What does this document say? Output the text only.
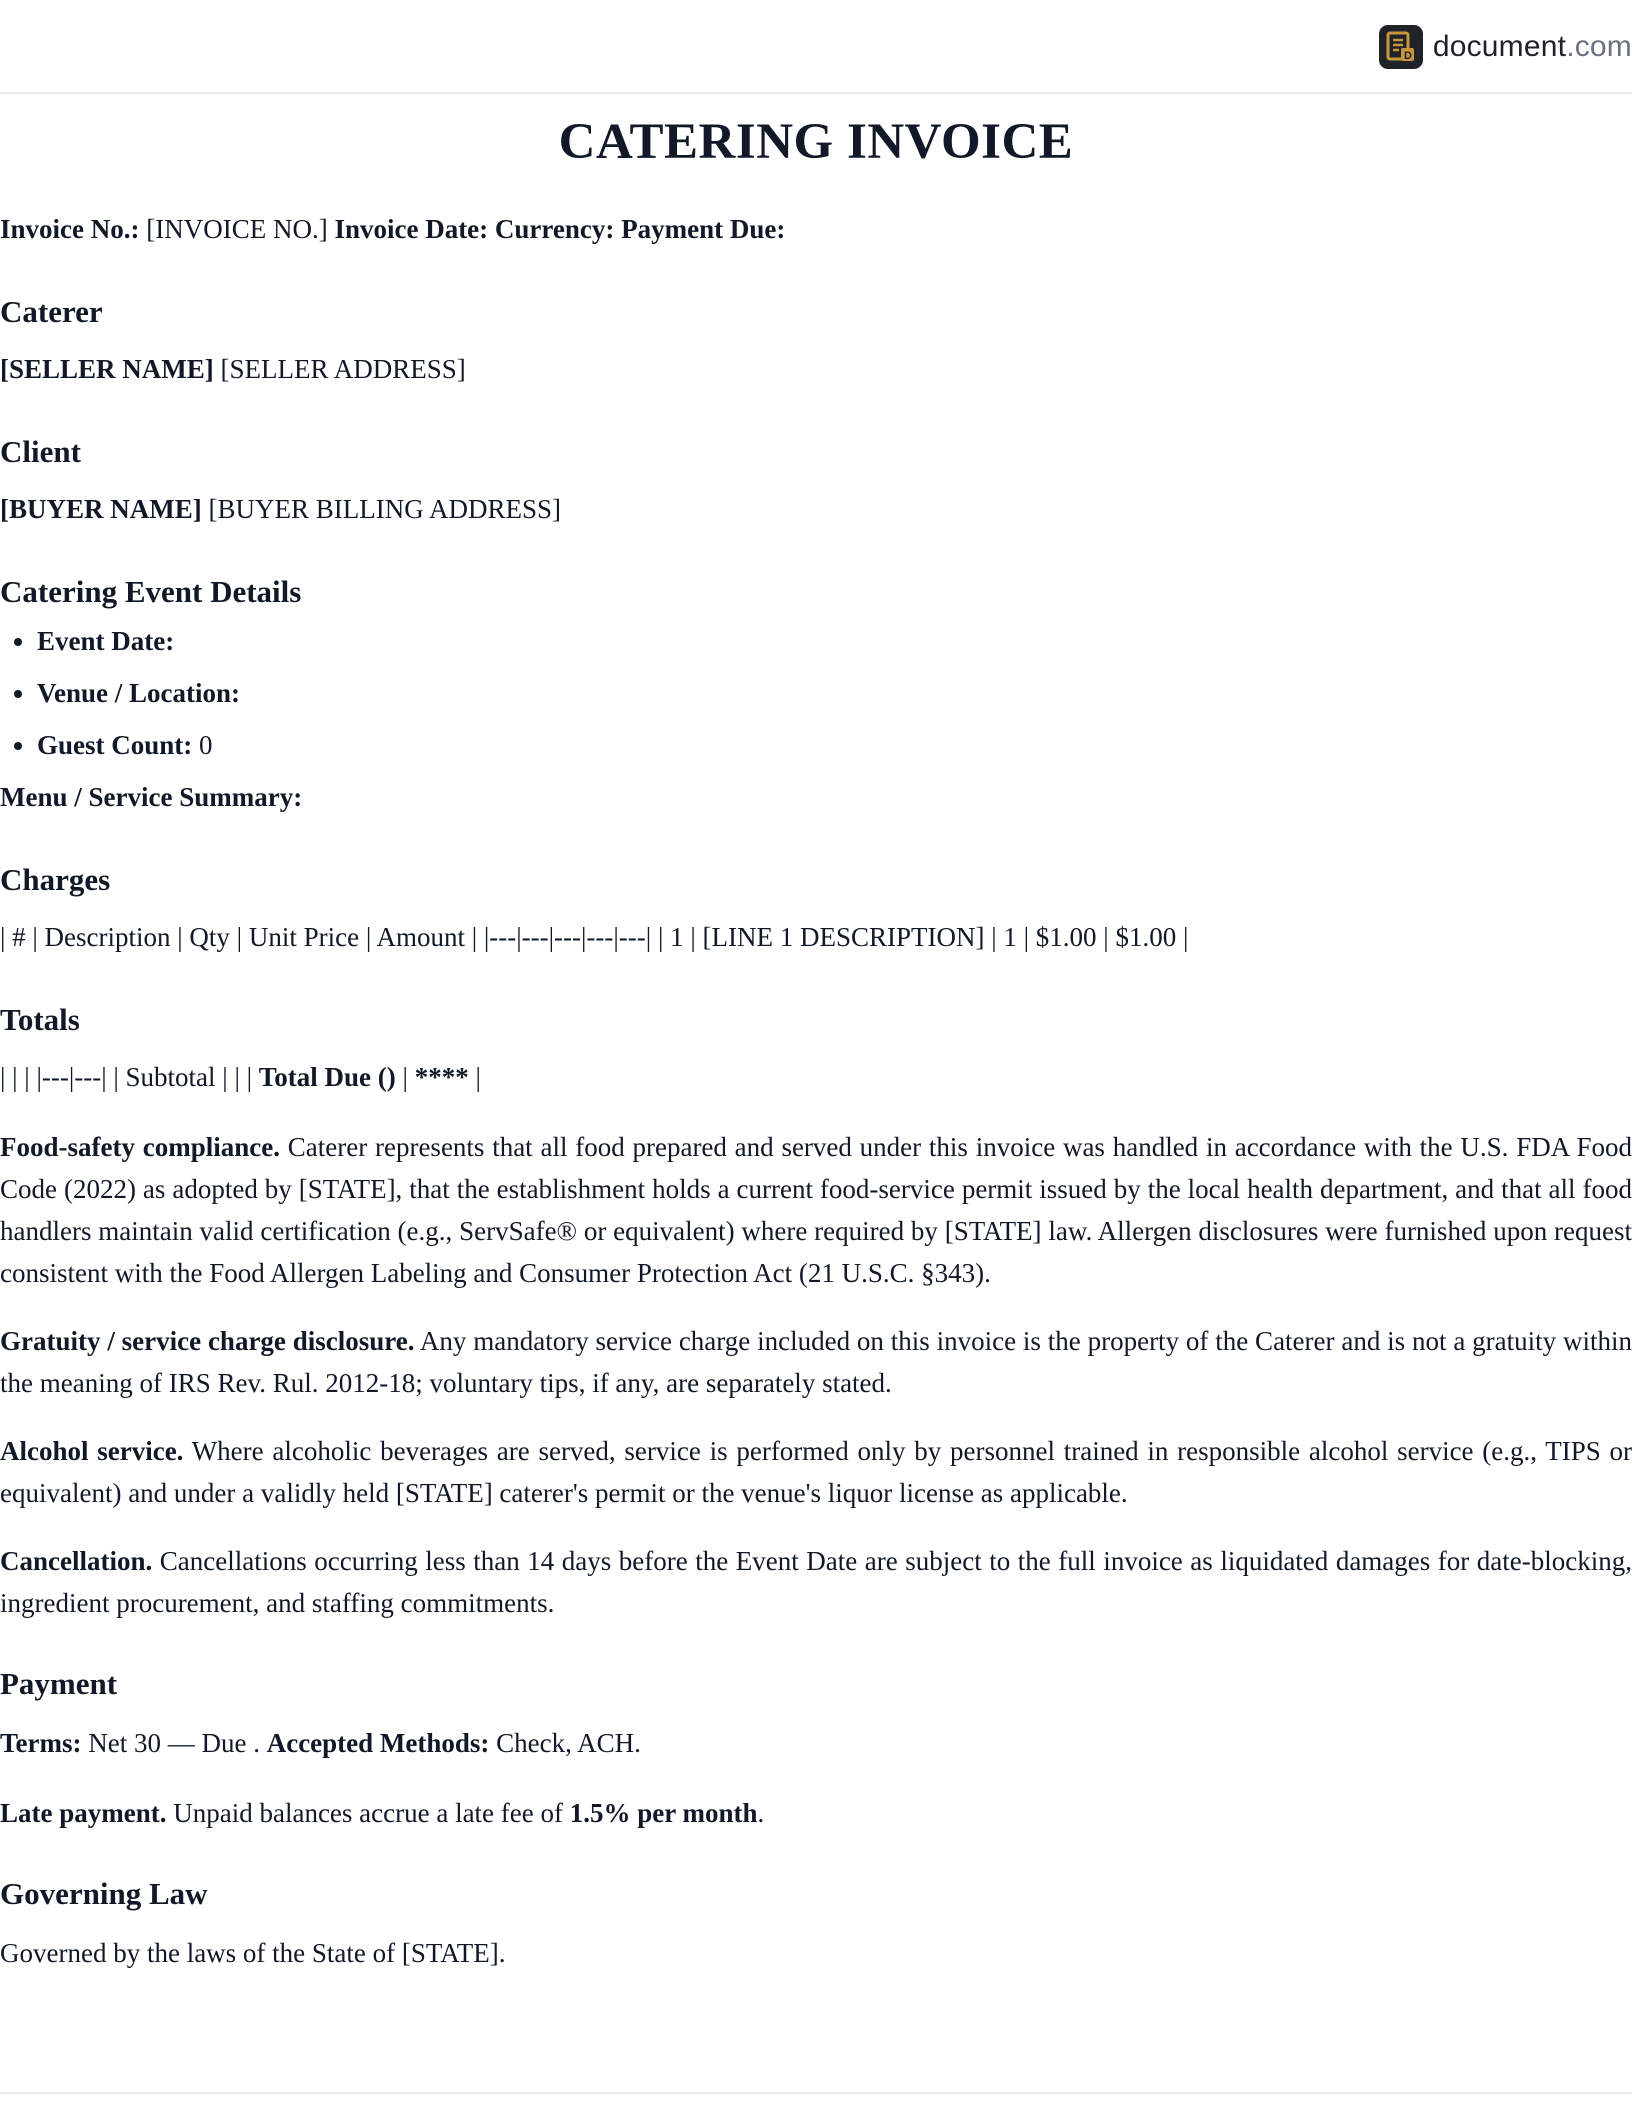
D document.com
CATERING INVOICE

Invoice No.: [INVOICE NO.] Invoice Date: Currency: Payment Due:

Caterer

[SELLER NAME] [SELLER ADDRESS]

Client

[BUYER NAME] [BUYER BILLING ADDRESS]

Catering Event Details
• Event Date:
• Venue / Location:
• Guest Count: 0

Menu / Service Summary:

Charges

| # | Description | Qty | Unit Price | Amount | |---|---|---|---|---| | 1 | [LINE 1 DESCRIPTION] | 1 | $1.00 | $1.00 |

Totals

| | | |---|---| | Subtotal | | | Total Due () | **** |

Food-safety compliance. Caterer represents that all food prepared and served under this invoice was handled in accordance with the U.S. FDA Food Code (2022) as adopted by [STATE], that the establishment holds a current food-service permit issued by the local health department, and that all food handlers maintain valid certification (e.g., ServSafe® or equivalent) where required by [STATE] law. Allergen disclosures were furnished upon request consistent with the Food Allergen Labeling and Consumer Protection Act (21 U.S.C. §343).

Gratuity / service charge disclosure. Any mandatory service charge included on this invoice is the property of the Caterer and is not a gratuity within the meaning of IRS Rev. Rul. 2012-18; voluntary tips, if any, are separately stated.

Alcohol service. Where alcoholic beverages are served, service is performed only by personnel trained in responsible alcohol service (e.g., TIPS or equivalent) and under a validly held [STATE] caterer's permit or the venue's liquor license as applicable.

Cancellation. Cancellations occurring less than 14 days before the Event Date are subject to the full invoice as liquidated damages for date-blocking, ingredient procurement, and staffing commitments.

Payment

Terms: Net 30 — Due . Accepted Methods: Check, ACH.

Late payment. Unpaid balances accrue a late fee of 1.5% per month.

Governing Law

Governed by the laws of the State of [STATE].
